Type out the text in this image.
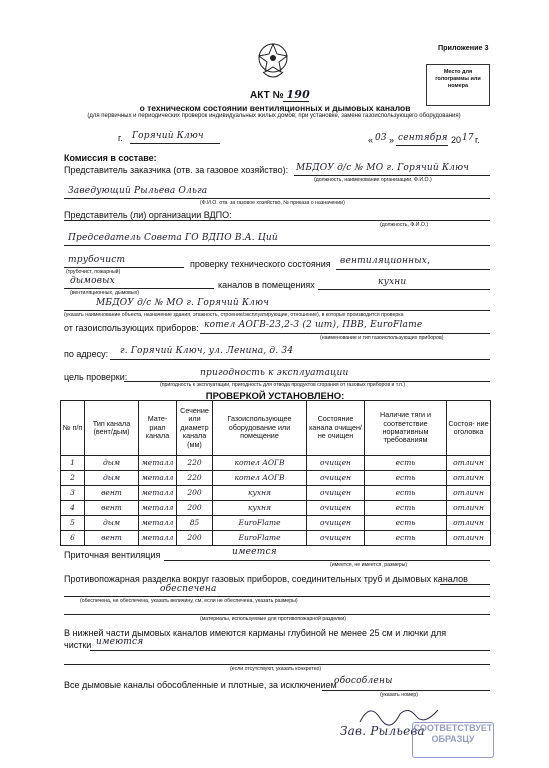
Приложение 3
Место для голограммы или номера
АКТ № 190
о техническом состоянии вентиляционных и дымовых каналов
(для первичных и периодических проверок индивидуальных жилых домов; при установке, замене газоиспользующего оборудования)
г. Горячий Ключ	« 03 » сентября 20 17 г.
Комиссия в составе:
Представитель заказчика (отв. за газовое хозяйство): МБДОУ д/с № МО г. Горячий Ключ
(должность, наименование организации, Ф.И.О.)
Заведующий Рыльева Ольга
(Ф.И.О. отв. за газовое хозяйство, № приказа о назначении)
(должность, Ф.И.О.)
Представитель (ли) организации ВДПО:
Председатель Совета ГО ВДПО В.А. Ций
трубочист
(трубочист, пожарный)
проверку технического состояния вентиляционных,
дымовых
(вентиляционных, дымовых)
каналов в помещениях	кухни
МБДОУ д/с № МО г. Горячий Ключ
(указать наименование объекта, назначение здания, этажность, строение/эксплуатирующие, отношение), в которых производится проверка
от газоиспользующих приборов: котел АОГВ-23,2-3 (2 шт), ПВВ, EuroFlame
(наименование и тип газоиспользующих приборов)
по адресу: г. Горячий Ключ, ул. Ленина, д. 34
цель проверки:	пригодность к эксплуатации
(пригодность к эксплуатации, пригодность для отвода продуктов сгорания от газовых приборов и т.п.)
ПРОВЕРКОЙ УСТАНОВЛЕНО:
№ п/п	Тип канала (вент/дым)	Мате- риал канала	Сечение или диаметр канала (мм)	Газоиспользующее оборудование или помещение	Состояние канала очищен/ не очищен	Наличие тяги и соответствие нормативным требованиям	Состоя- ние оголовка
1	дым	металл	220	котел АОГВ	очищен	есть	отличн
2	дым	металл	220	котел АОГВ	очищен	есть	отличн
3	вент	металл	200	кухня	очищен	есть	отличн
4	вент	металл	200	кухня	очищен	есть	отличн
5	дым	металл	85	EuroFlame	очищен	есть	отличн
6	вент	металл	200	EuroFlame	очищен	есть	отличн
Приточная вентиляция	имеется
(имеется, не имеется, размеры)
Противопожарная разделка вокруг газовых приборов, соединительных труб и дымовых каналов
обеспечена
(обеспечена, не обеспечена, указать величину, см, если не обеспечена, указать размеры)
(материалы, используемые для противопожарной разделки)
В нижней части дымовых каналов имеются карманы глубиной не менее 25 см и лючки для
чистки имеются
(если отсутствуют, указать конкретно)
Все дымовые каналы обособленные и плотные, за исключением
обособлены
(указать номер)
Зав. Рыльева
СООТВЕТСТВУЕТ ОБРАЗЦУ
